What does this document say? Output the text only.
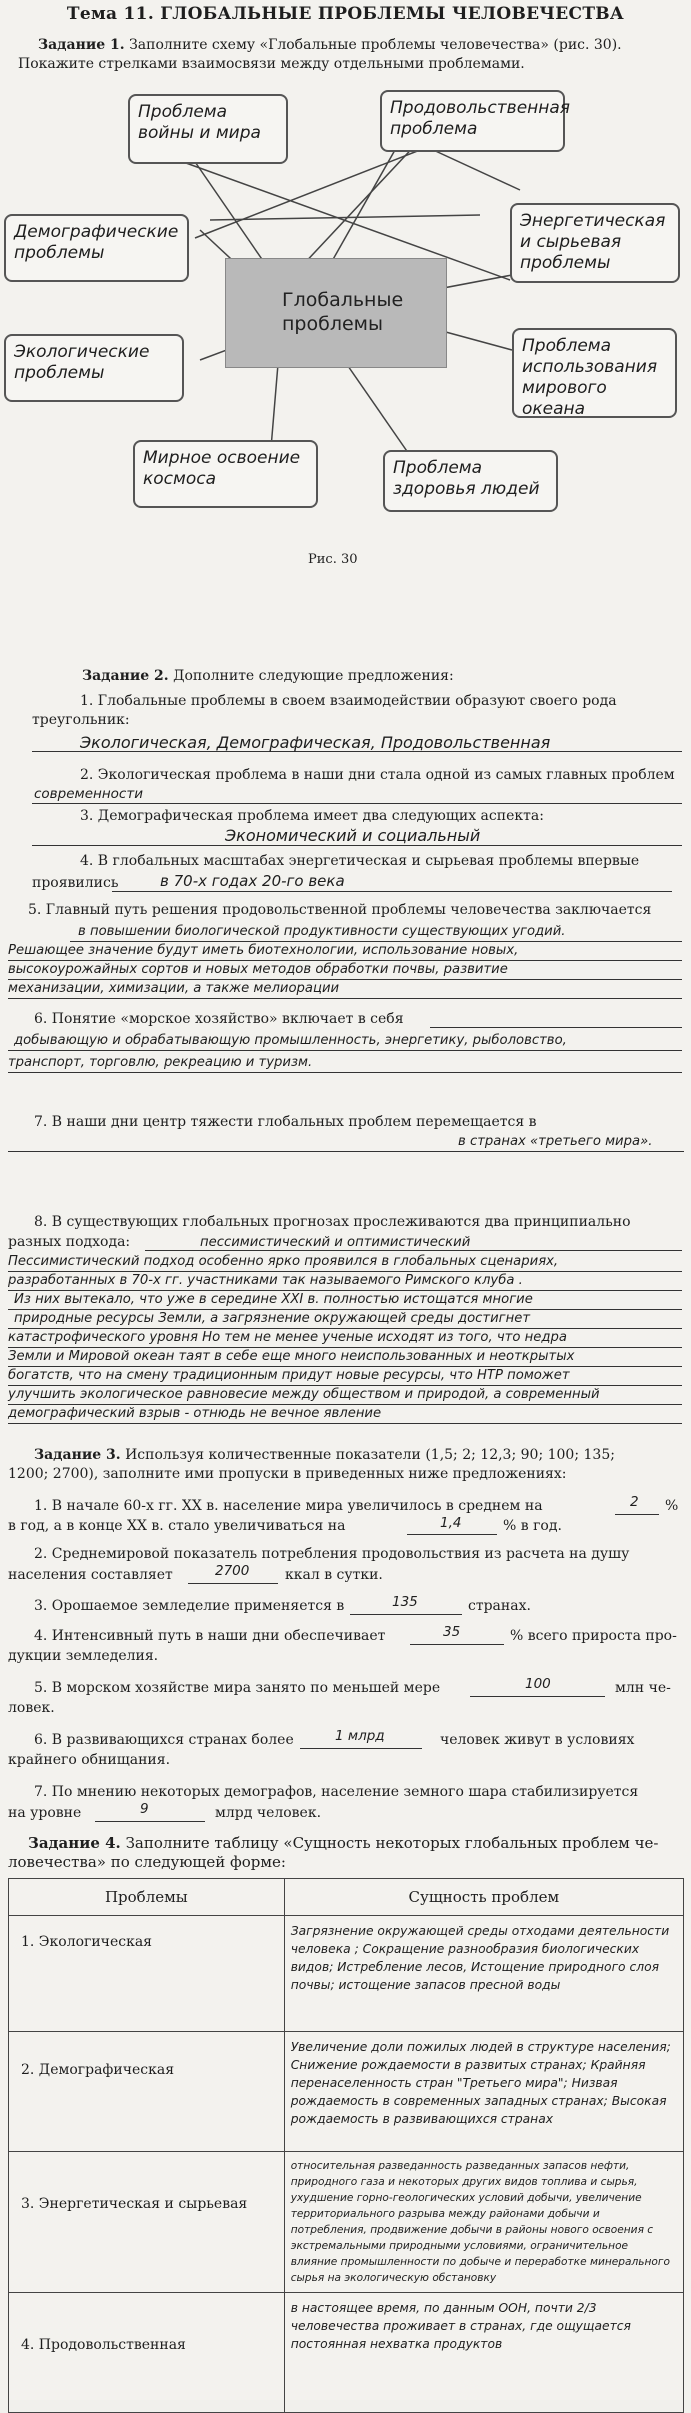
Тема 11. ГЛОБАЛЬНЫЕ ПРОБЛЕМЫ ЧЕЛОВЕЧЕСТВА
Задание 1. Заполните схему «Глобальные проблемы человечества» (рис. 30). Покажите стрелками взаимосвязи между отдельными проблемами.
Глобальные проблемы
Проблема войны и мира
Продовольственная проблема
Демографические проблемы
Энергетическая и сырьевая проблемы
Экологические проблемы
Проблема использования мирового океана
Мирное освоение космоса
Проблема здоровья людей
Рис. 30
Задание 2. Дополните следующие предложения:
1. Глобальные проблемы в своем взаимодействии образуют своего рода треугольник:
Экологическая, Демографическая, Продовольственная
2. Экологическая проблема в наши дни стала одной из самых главных проблем
современности
3. Демографическая проблема имеет два следующих аспекта:
Экономический и социальный
4. В глобальных масштабах энергетическая и сырьевая проблемы впервые
проявились	в 70-х годах 20-го века
5. Главный путь решения продовольственной проблемы человечества заключается
в повышении биологической продуктивности существующих угодий.
Решающее значение будут иметь биотехнологии, использование новых,
высокоурожайных сортов и новых методов обработки почвы, развитие
механизации, химизации, а также мелиорации
6. Понятие «морское хозяйство» включает в себя
добывающую и обрабатывающую промышленность, энергетику, рыболовство,
транспорт, торговлю, рекреацию и туризм.
7. В наши дни центр тяжести глобальных проблем перемещается в
в странах «третьего мира».
8. В существующих глобальных прогнозах прослеживаются два принципиально
разных подхода:	пессимистический и оптимистический
Пессимистический подход особенно ярко проявился в глобальных сценариях,
разработанных в 70-х гг. участниками так называемого Римского клуба .
Из них вытекало, что уже в середине XXI в. полностью истощатся многие
природные ресурсы Земли, а загрязнение окружающей среды достигнет
катастрофического уровня Но тем не менее ученые исходят из того, что недра
Земли и Мировой океан таят в себе еще много неиспользованных и неоткрытых
богатств, что на смену традиционным придут новые ресурсы, что НТР поможет
улучшить экологическое равновесие между обществом и природой, а современный
демографический взрыв - отнюдь не вечное явление
Задание 3. Используя количественные показатели (1,5; 2; 12,3; 90; 100; 135;
1200; 2700), заполните ими пропуски в приведенных ниже предложениях:
1. В начале 60-х гг. XX в. население мира увеличилось в среднем на	2 %
в год, а в конце XX в. стало увеличиваться на	1,4	% в год.
2. Среднемировой показатель потребления продовольствия из расчета на душу
населения составляет	2700	ккал в сутки.
3. Орошаемое земледелие применяется в	135	странах.
4. Интенсивный путь в наши дни обеспечивает	35	% всего прироста про-
дукции земледелия.
5. В морском хозяйстве мира занято по меньшей мере	100	млн че-
ловек.
6. В развивающихся странах более	1 млрд	человек живут в условиях
крайнего обнищания.
7. По мнению некоторых демографов, население земного шара стабилизируется
на уровне	9	млрд человек.
Задание 4. Заполните таблицу «Сущность некоторых глобальных проблем че-
ловечества» по следующей форме:
Проблемы	Сущность проблем

1. Экологическая	Загрязнение окружающей среды отходами деятельности человека ; Сокращение разнообразия биологических видов; Истребление лесов, Истощение природного слоя почвы; истощение запасов пресной воды

2. Демографическая	Увеличение доли пожилых людей в структуре населения; Снижение рождаемости в развитых странах; Крайняя перенаселенность стран "Третьего мира"; Низвая рождаемость в современных западных странах; Высокая рождаемость в развивающихся странах

3. Энергетическая и сырьевая	относительная разведанность разведанных запасов нефти, природного газа и некоторых других видов топлива и сырья, ухудшение горно-геологических условий добычи, увеличение территориального разрыва между районами добычи и потребления, продвижение добычи в районы нового освоения с экстремальными природными условиями, ограничительное влияние промышленности по добыче и переработке минерального сырья на экологическую обстановку

4. Продовольственная	в настоящее время, по данным ООН, почти 2/3 человечества проживает в странах, где ощущается постоянная нехватка продуктов
